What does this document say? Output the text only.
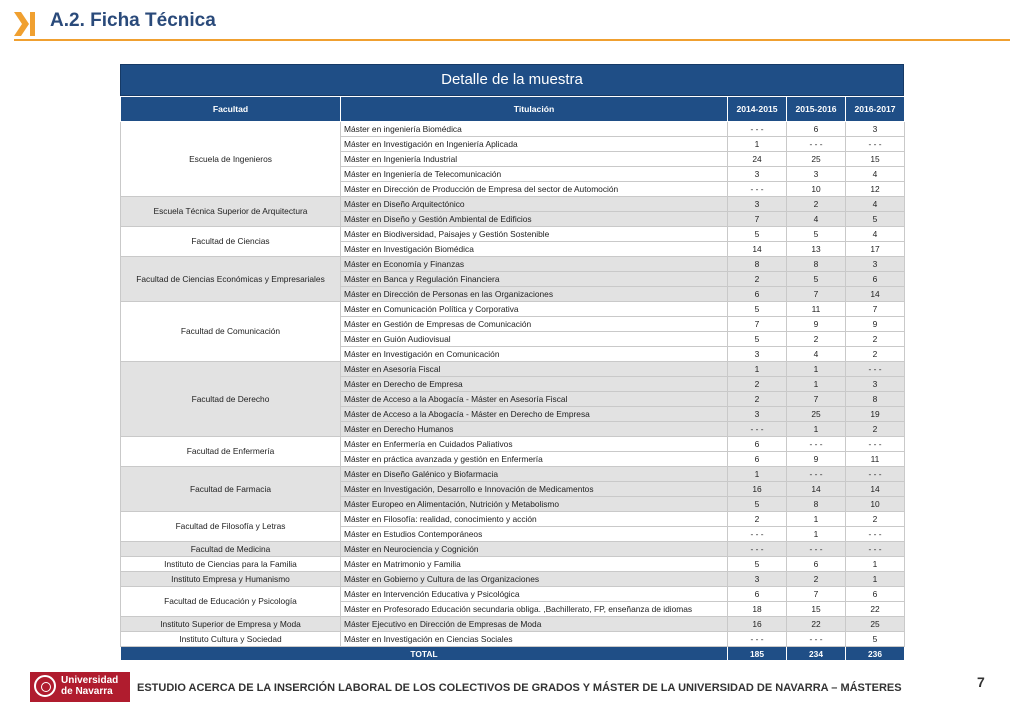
A.2. Ficha Técnica
Detalle de la muestra
Facultad	Titulación	2014-2015	2015-2016	2016-2017
Escuela de Ingenieros	Máster en ingeniería Biomédica	- - -	6	3
	Máster en Investigación en Ingeniería Aplicada	1	- - -	- - -
	Máster en Ingeniería Industrial	24	25	15
	Máster en Ingeniería de Telecomunicación	3	3	4
	Máster en Dirección de Producción de Empresa del sector de Automoción	- - -	10	12
Escuela Técnica Superior de Arquitectura	Máster en Diseño Arquitectónico	3	2	4
	Máster en Diseño y Gestión Ambiental de Edificios	7	4	5
Facultad de Ciencias	Máster en Biodiversidad, Paisajes y Gestión Sostenible	5	5	4
	Máster en Investigación Biomédica	14	13	17
Facultad de Ciencias Económicas y Empresariales	Máster en Economía y Finanzas	8	8	3
	Máster en Banca y Regulación Financiera	2	5	6
	Máster en Dirección de Personas en las Organizaciones	6	7	14
Facultad de Comunicación	Máster en Comunicación Política y Corporativa	5	11	7
	Máster en Gestión de Empresas de Comunicación	7	9	9
	Máster en Guión Audiovisual	5	2	2
	Máster en Investigación en Comunicación	3	4	2
Facultad de Derecho	Máster en Asesoría Fiscal	1	1	- - -
	Máster en Derecho de Empresa	2	1	3
	Máster de Acceso a la Abogacía - Máster en Asesoría Fiscal	2	7	8
	Máster de Acceso a la Abogacía - Máster en Derecho de Empresa	3	25	19
	Máster en Derecho Humanos	- - -	1	2
Facultad de Enfermería	Máster en Enfermería en Cuidados Paliativos	6	- - -	- - -
	Máster en práctica avanzada y gestión en Enfermería	6	9	11
Facultad de Farmacia	Máster en Diseño Galénico y Biofarmacia	1	- - -	- - -
	Máster en Investigación, Desarrollo e Innovación de Medicamentos	16	14	14
	Máster Europeo en Alimentación, Nutrición y Metabolismo	5	8	10
Facultad de Filosofía y Letras	Máster en Filosofía: realidad, conocimiento y acción	2	1	2
	Máster en Estudios Contemporáneos	- - -	1	- - -
Facultad de Medicina	Máster en Neurociencia y Cognición	- - -	- - -	- - -
Instituto de Ciencias para la Familia	Máster en Matrimonio y Familia	5	6	1
Instituto Empresa y Humanismo	Máster en Gobierno y Cultura de las Organizaciones	3	2	1
Facultad de Educación y Psicología	Máster en Intervención Educativa y Psicológica	6	7	6
	Máster en Profesorado Educación secundaria obliga. ,Bachillerato, FP, enseñanza de idiomas	18	15	22
Instituto Superior de Empresa y Moda	Máster Ejecutivo en Dirección de Empresas de Moda	16	22	25
Instituto Cultura y Sociedad	Máster en Investigación en Ciencias Sociales	- - -	- - -	5
TOTAL		185	234	236
Universidad
de Navarra	ESTUDIO ACERCA DE LA INSERCIÓN LABORAL DE LOS COLECTIVOS DE GRADOS Y MÁSTER DE LA UNIVERSIDAD DE NAVARRA – MÁSTERES	7
